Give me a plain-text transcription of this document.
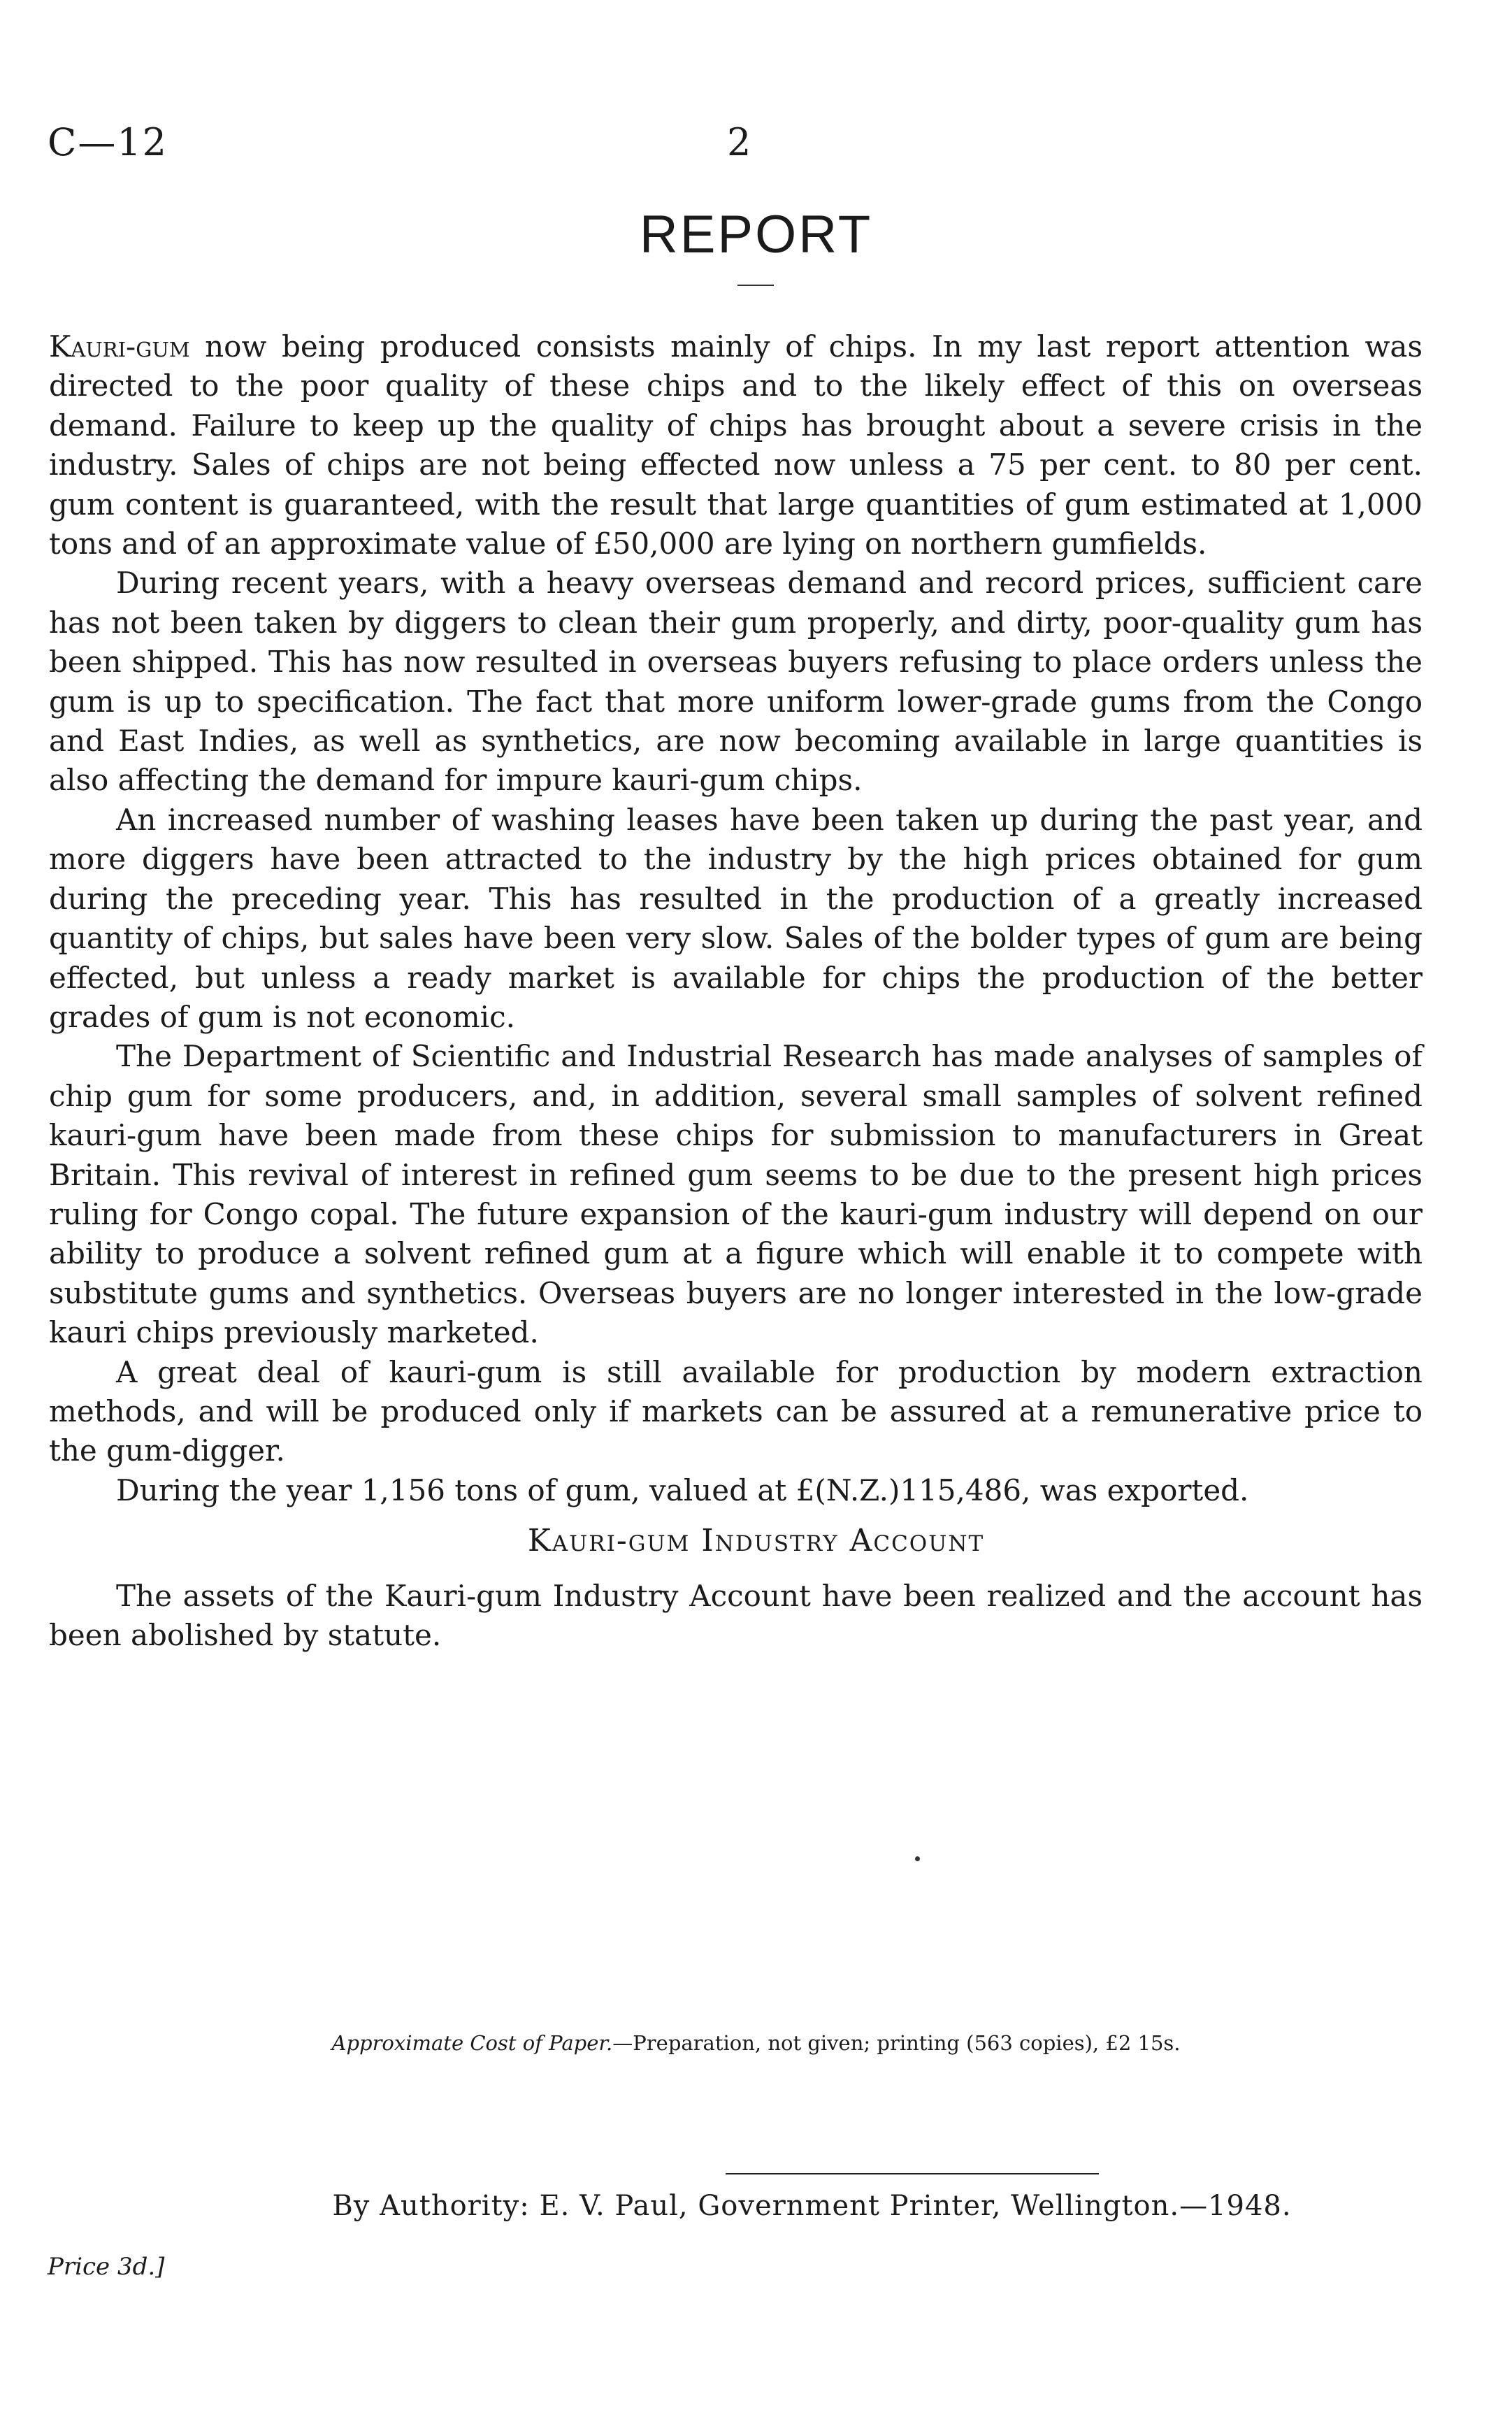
C—12	2
REPORT

Kauri-gum now being produced consists mainly of chips. In my last report attention was directed to the poor quality of these chips and to the likely effect of this on overseas demand. Failure to keep up the quality of chips has brought about a severe crisis in the industry. Sales of chips are not being effected now unless a 75 per cent. to 80 per cent. gum content is guaranteed, with the result that large quantities of gum estimated at 1,000 tons and of an approximate value of £50,000 are lying on northern gumfields.

During recent years, with a heavy overseas demand and record prices, sufficient care has not been taken by diggers to clean their gum properly, and dirty, poor-quality gum has been shipped. This has now resulted in overseas buyers refusing to place orders unless the gum is up to specification. The fact that more uniform lower-grade gums from the Congo and East Indies, as well as synthetics, are now becoming available in large quantities is also affecting the demand for impure kauri-gum chips.

An increased number of washing leases have been taken up during the past year, and more diggers have been attracted to the industry by the high prices obtained for gum during the preceding year. This has resulted in the production of a greatly increased quantity of chips, but sales have been very slow. Sales of the bolder types of gum are being effected, but unless a ready market is available for chips the production of the better grades of gum is not economic.

The Department of Scientific and Industrial Research has made analyses of samples of chip gum for some producers, and, in addition, several small samples of solvent refined kauri-gum have been made from these chips for submission to manufacturers in Great Britain. This revival of interest in refined gum seems to be due to the present high prices ruling for Congo copal. The future expansion of the kauri-gum industry will depend on our ability to produce a solvent refined gum at a figure which will enable it to compete with substitute gums and synthetics. Overseas buyers are no longer interested in the low-grade kauri chips previously marketed.

A great deal of kauri-gum is still available for production by modern extraction methods, and will be produced only if markets can be assured at a remunerative price to the gum-digger.

During the year 1,156 tons of gum, valued at £(N.Z.)115,486, was exported.

Kauri-gum Industry Account

The assets of the Kauri-gum Industry Account have been realized and the account has been abolished by statute.

Approximate Cost of Paper.—Preparation, not given; printing (563 copies), £2 15s.
By Authority: E. V. Paul, Government Printer, Wellington.—1948.
Price 3d.]
